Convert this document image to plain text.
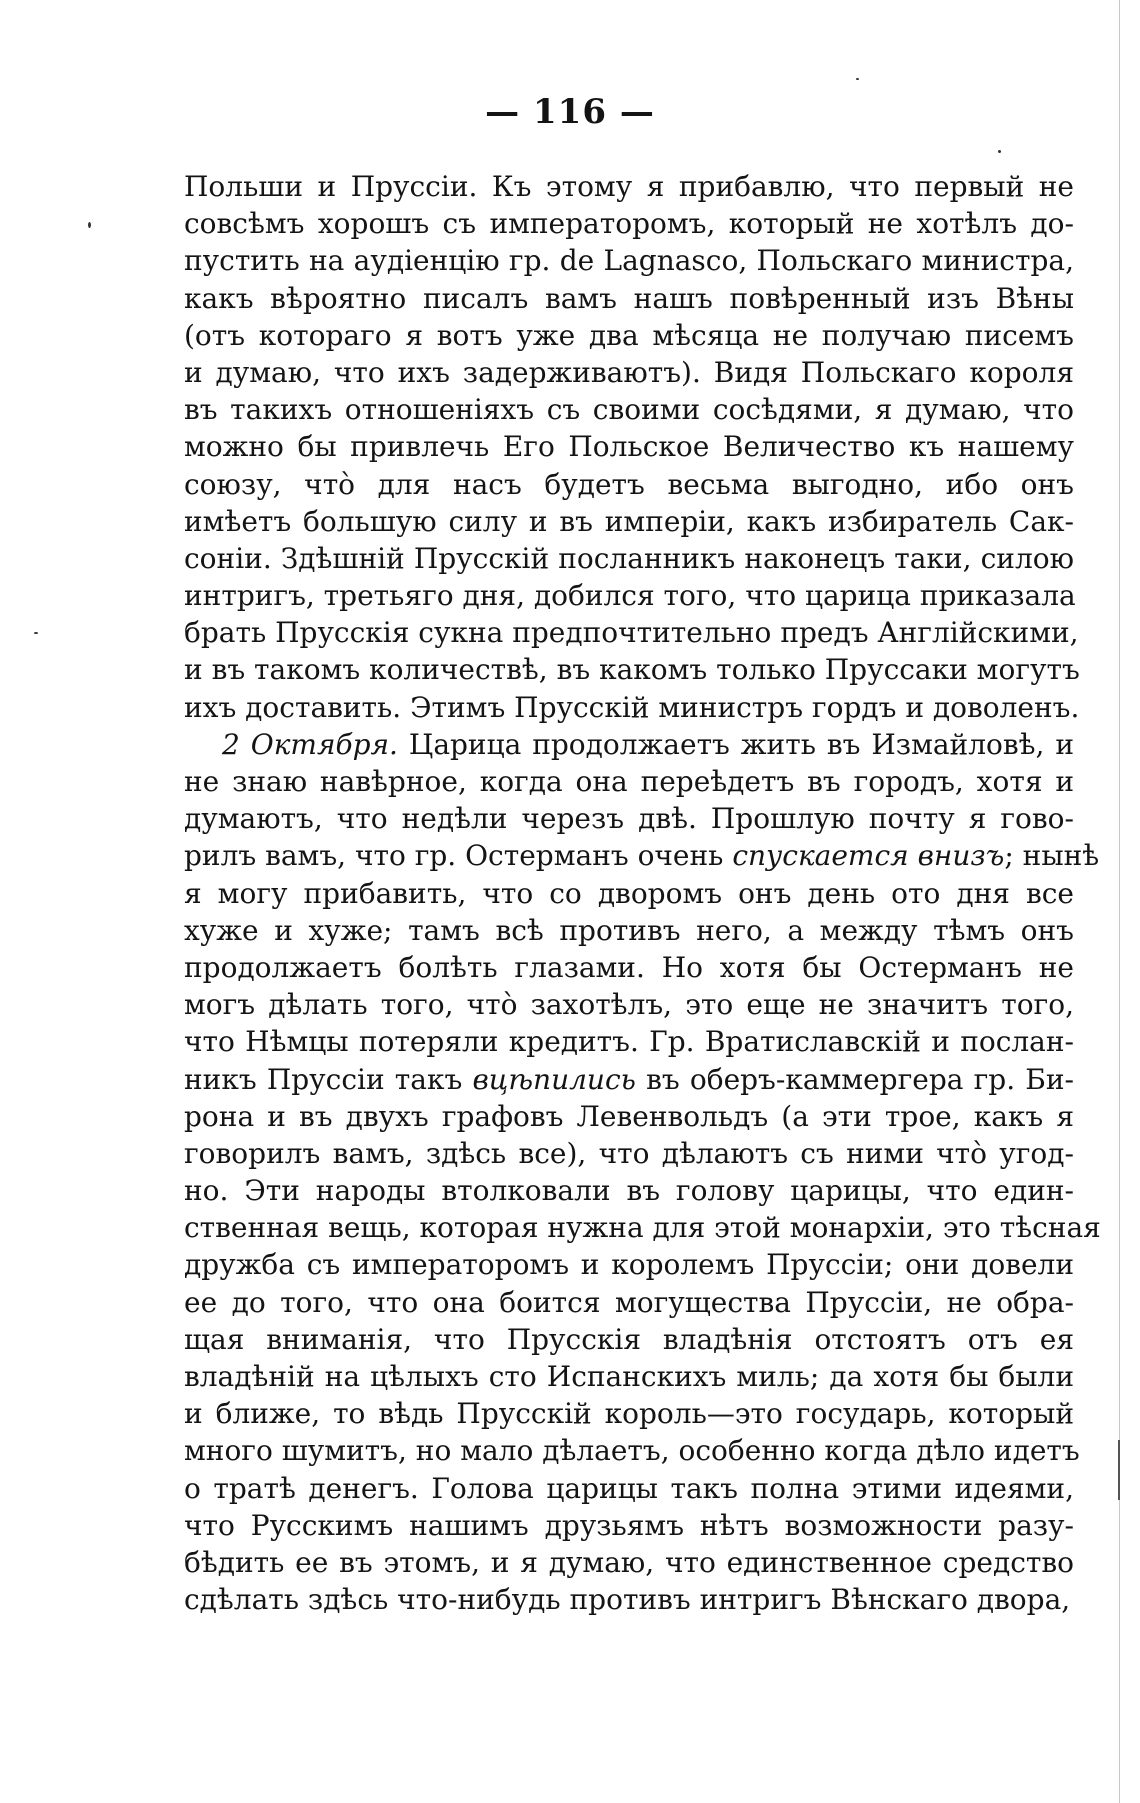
— 116 —
Польши и Пруссіи. Къ этому я прибавлю, что первый не
совсѣмъ хорошъ съ императоромъ, который не хотѣлъ до-
пустить на аудіенцію гр. de Lagnasco, Польскаго министра,
какъ вѣроятно писалъ вамъ нашъ повѣренный изъ Вѣны
(отъ котораго я вотъ уже два мѣсяца не получаю писемъ
и думаю, что ихъ задерживаютъ). Видя Польскаго короля
въ такихъ отношеніяхъ съ своими сосѣдями, я думаю, что
можно бы привлечь Его Польское Величество къ нашему
союзу, что̀ для насъ будетъ весьма выгодно, ибо онъ
имѣетъ большую силу и въ имперіи, какъ избиратель Сак-
соніи. Здѣшній Прусскій посланникъ наконецъ таки, силою
интригъ, третьяго дня, добился того, что царица приказала
брать Прусскія сукна предпочтительно предъ Англійскими,
и въ такомъ количествѣ, въ какомъ только Пруссаки могутъ
ихъ доставить. Этимъ Прусскій министръ гордъ и доволенъ.
2 Октября. Царица продолжаетъ жить въ Измайловѣ, и
не знаю навѣрное, когда она переѣдетъ въ городъ, хотя и
думаютъ, что недѣли черезъ двѣ. Прошлую почту я гово-
рилъ вамъ, что гр. Остерманъ очень спускается внизъ; нынѣ
я могу прибавить, что со дворомъ онъ день ото дня все
хуже и хуже; тамъ всѣ противъ него, а между тѣмъ онъ
продолжаетъ болѣть глазами. Но хотя бы Остерманъ не
могъ дѣлать того, что̀ захотѣлъ, это еще не значитъ того,
что Нѣмцы потеряли кредитъ. Гр. Вратиславскій и послан-
никъ Пруссіи такъ вцѣпились въ оберъ-каммергера гр. Би-
рона и въ двухъ графовъ Левенвольдъ (а эти трое, какъ я
говорилъ вамъ, здѣсь все), что дѣлаютъ съ ними что̀ угод-
но. Эти народы втолковали въ голову царицы, что един-
ственная вещь, которая нужна для этой монархіи, это тѣсная
дружба съ императоромъ и королемъ Пруссіи; они довели
ее до того, что она боится могущества Пруссіи, не обра-
щая вниманія, что Прусскія владѣнія отстоятъ отъ ея
владѣній на цѣлыхъ сто Испанскихъ миль; да хотя бы были
и ближе, то вѣдь Прусскій король—это государь, который
много шумитъ, но мало дѣлаетъ, особенно когда дѣло идетъ
о тратѣ денегъ. Голова царицы такъ полна этими идеями,
что Русскимъ нашимъ друзьямъ нѣтъ возможности разу-
бѣдить ее въ этомъ, и я думаю, что единственное средство
сдѣлать здѣсь что-нибудь противъ интригъ Вѣнскаго двора,
